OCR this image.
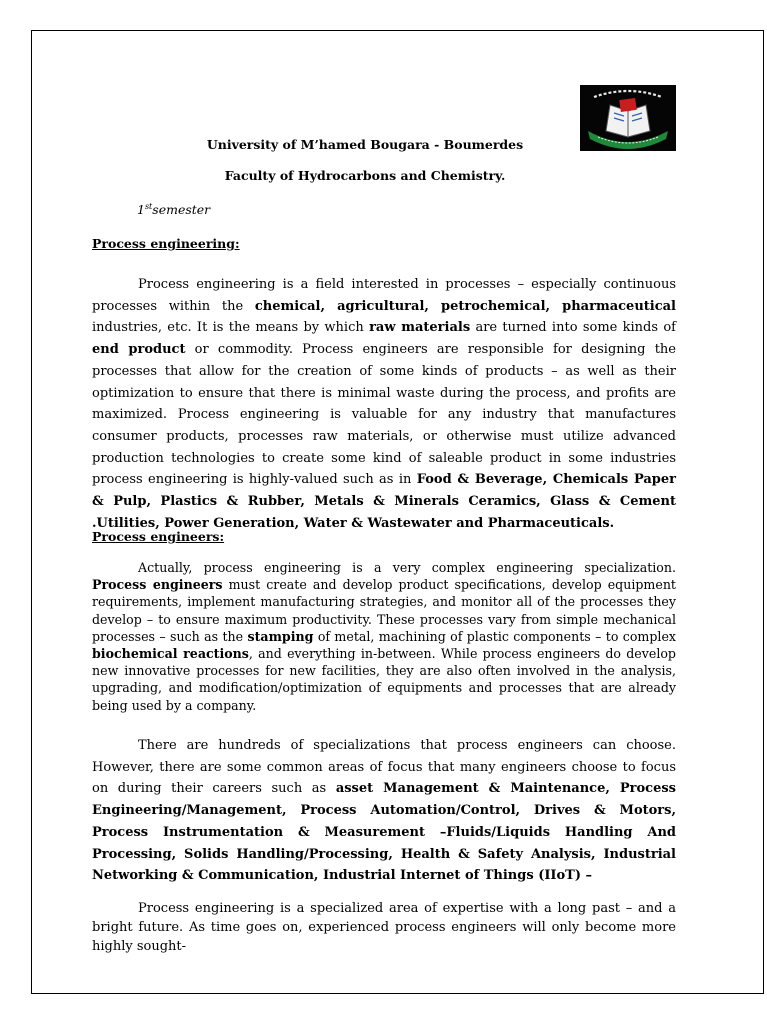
University of M’hamed Bougara - Boumerdes
Faculty of Hydrocarbons and Chemistry.
1stsemester
Process engineering:

Process engineering is a field interested in processes – especially continuous processes within the chemical, agricultural, petrochemical, pharmaceutical industries, etc. It is the means by which raw materials are turned into some kinds of end product or commodity. Process engineers are responsible for designing the processes that allow for the creation of some kinds of products – as well as their optimization to ensure that there is minimal waste during the process, and profits are maximized. Process engineering is valuable for any industry that manufactures consumer products, processes raw materials, or otherwise must utilize advanced production technologies to create some kind of saleable product in some industries process engineering is highly-valued such as in Food & Beverage, Chemicals Paper & Pulp, Plastics & Rubber, Metals & Minerals Ceramics, Glass & Cement .Utilities, Power Generation, Water & Wastewater and Pharmaceuticals.

Process engineers:

Actually, process engineering is a very complex engineering specialization. Process engineers must create and develop product specifications, develop equipment requirements, implement manufacturing strategies, and monitor all of the processes they develop – to ensure maximum productivity. These processes vary from simple mechanical processes – such as the stamping of metal, machining of plastic components – to complex biochemical reactions, and everything in-between. While process engineers do develop new innovative processes for new facilities, they are also often involved in the analysis, upgrading, and modification/optimization of equipments and processes that are already being used by a company.

There are hundreds of specializations that process engineers can choose. However, there are some common areas of focus that many engineers choose to focus on during their careers such as asset Management & Maintenance, Process Engineering/Management, Process Automation/Control, Drives & Motors, Process Instrumentation & Measurement –Fluids/Liquids Handling And Processing, Solids Handling/Processing, Health & Safety Analysis, Industrial Networking & Communication, Industrial Internet of Things (IIoT) –

Process engineering is a specialized area of expertise with a long past – and a bright future. As time goes on, experienced process engineers will only become more highly sought-
